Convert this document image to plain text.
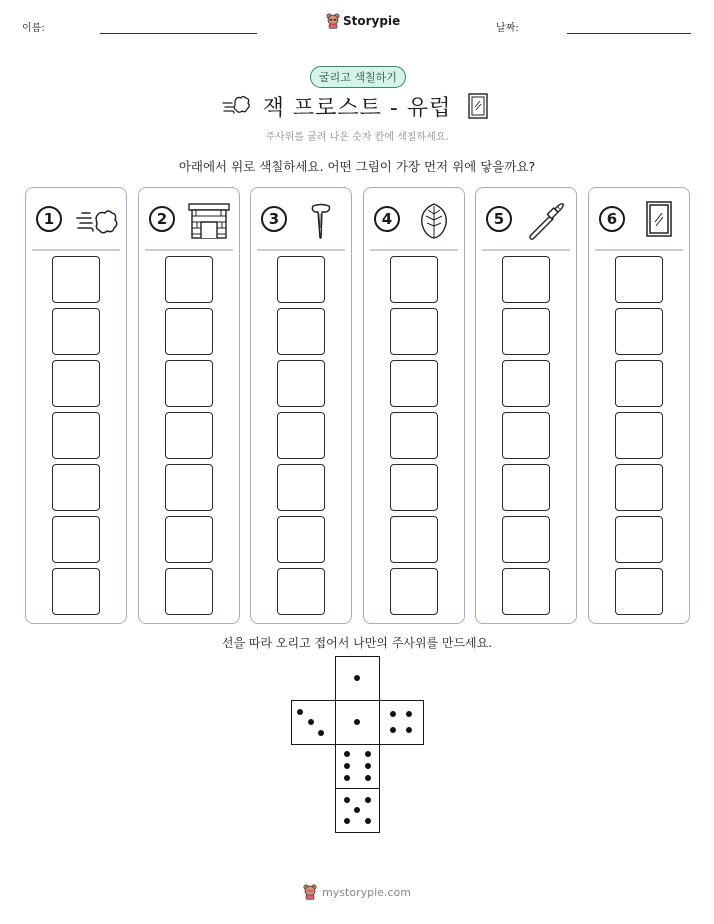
이름:
Storypie
날짜:
굴리고 색칠하기
잭 프로스트 - 유럽
주사위를 굴려 나온 숫자 칸에 색칠하세요.
아래에서 위로 색칠하세요. 어떤 그림이 가장 먼저 위에 닿을까요?
1	2	3	4	5	6
선을 따라 오리고 접어서 나만의 주사위를 만드세요.
mystorypie.com
